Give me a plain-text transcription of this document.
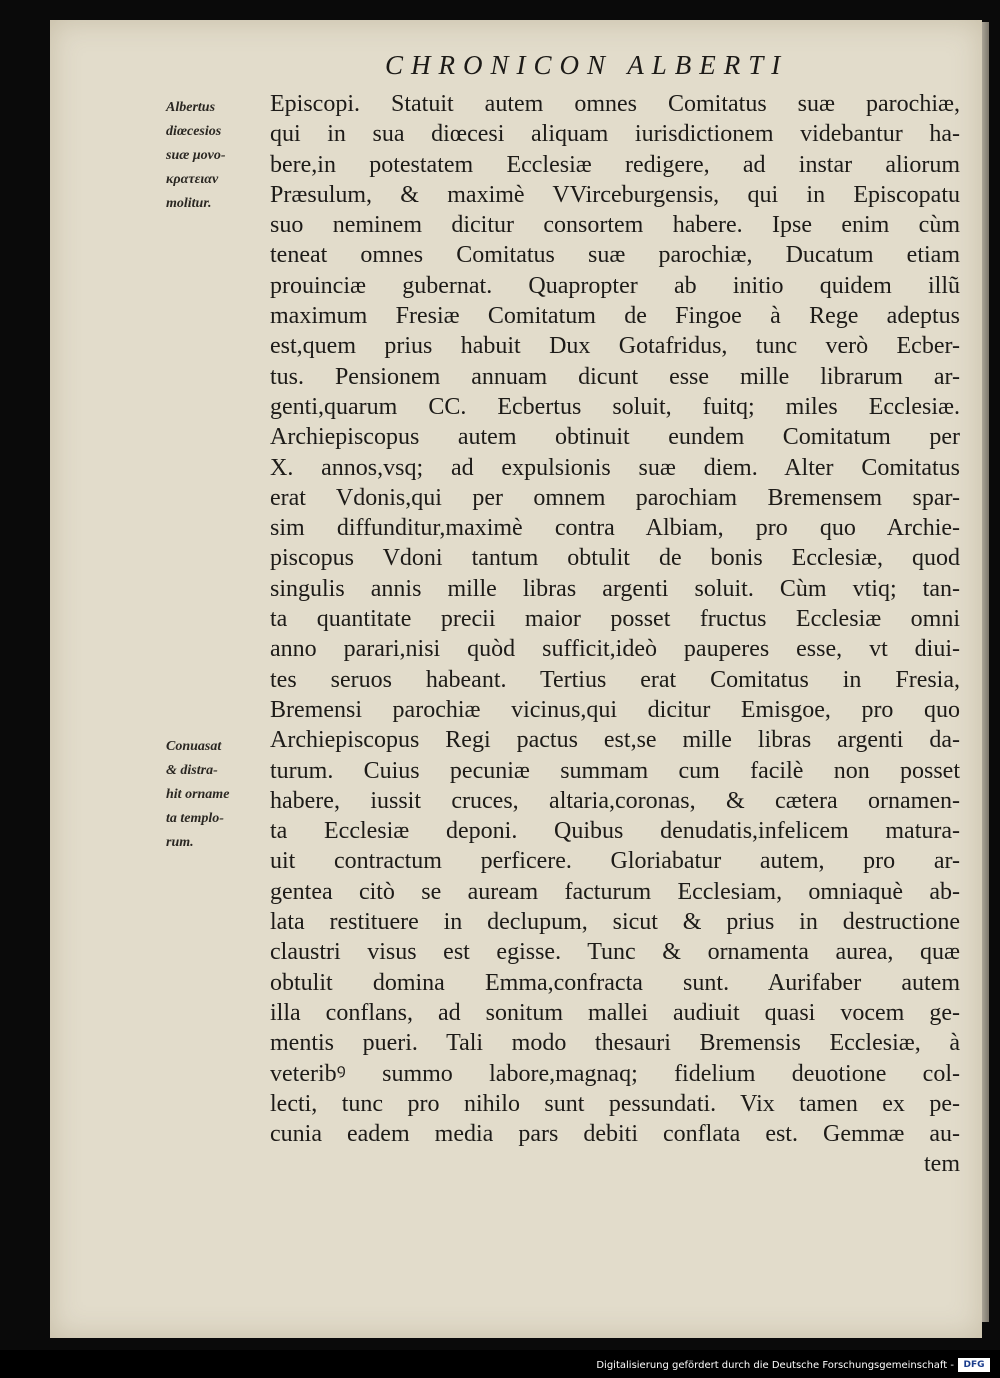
CHRONICON ALBERTI
Albertus
diœcesios
suæ μονο-
κρατειαν
molitur.
Conuasat
& distra-
hit orname
ta templo-
rum.
Episcopi. Statuit autem omnes Comitatus suæ parochiæ,
qui in sua diœcesi aliquam iurisdictionem videbantur ha-
bere,in potestatem Ecclesiæ redigere, ad instar aliorum
Præsulum, & maximè VVirceburgensis, qui in Episcopatu
suo neminem dicitur consortem habere. Ipse enim cùm
teneat omnes Comitatus suæ parochiæ, Ducatum etiam
prouinciæ gubernat. Quapropter ab initio quidem illũ
maximum Fresiæ Comitatum de Fingoe à Rege adeptus
est,quem prius habuit Dux Gotafridus, tunc verò Ecber-
tus. Pensionem annuam dicunt esse mille librarum ar-
genti,quarum CC. Ecbertus soluit, fuitq; miles Ecclesiæ.
Archiepiscopus autem obtinuit eundem Comitatum per
X. annos,vsq; ad expulsionis suæ diem. Alter Comitatus
erat Vdonis,qui per omnem parochiam Bremensem spar-
sim diffunditur,maximè contra Albiam, pro quo Archie-
piscopus Vdoni tantum obtulit de bonis Ecclesiæ, quod
singulis annis mille libras argenti soluit. Cùm vtiq; tan-
ta quantitate precii maior posset fructus Ecclesiæ omni
anno parari,nisi quòd sufficit,ideò pauperes esse, vt diui-
tes seruos habeant. Tertius erat Comitatus in Fresia,
Bremensi parochiæ vicinus,qui dicitur Emisgoe, pro quo
Archiepiscopus Regi pactus est,se mille libras argenti da-
turum. Cuius pecuniæ summam cum facilè non posset
habere, iussit cruces, altaria,coronas, & cætera ornamen-
ta Ecclesiæ deponi. Quibus denudatis,infelicem matura-
uit contractum perficere. Gloriabatur autem, pro ar-
gentea citò se auream facturum Ecclesiam, omniaquè ab-
lata restituere in declupum, sicut & prius in destructione
claustri visus est egisse. Tunc & ornamenta aurea, quæ
obtulit domina Emma,confracta sunt. Aurifaber autem
illa conflans, ad sonitum mallei audiuit quasi vocem ge-
mentis pueri. Tali modo thesauri Bremensis Ecclesiæ, à
veteribꝰ summo labore,magnaq; fidelium deuotione col-
lecti, tunc pro nihilo sunt pessundati. Vix tamen ex pe-
cunia eadem media pars debiti conflata est. Gemmæ au-
tem
Digitalisierung gefördert durch die Deutsche Forschungsgemeinschaft -	DFG
